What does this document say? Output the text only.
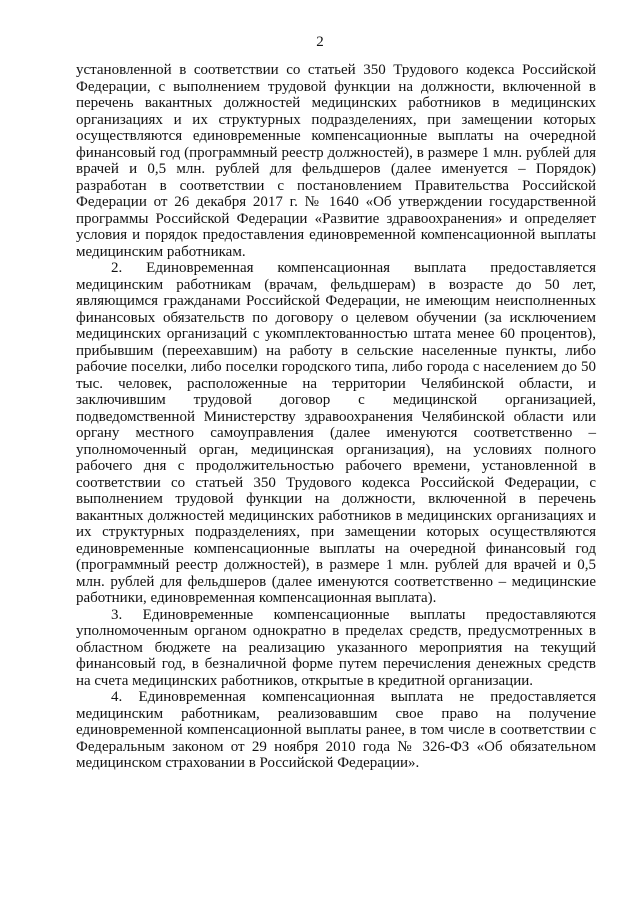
2

установленной в соответствии со статьей 350 Трудового кодекса Российской Федерации, с выполнением трудовой функции на должности, включенной в перечень вакантных должностей медицинских работников в медицинских организациях и их структурных подразделениях, при замещении которых осуществляются единовременные компенсационные выплаты на очередной финансовый год (программный реестр должностей), в размере 1 млн. рублей для врачей и 0,5 млн. рублей для фельдшеров (далее именуется – Порядок) разработан в соответствии с постановлением Правительства Российской Федерации от 26 декабря 2017 г. № 1640 «Об утверждении государственной программы Российской Федерации «Развитие здравоохранения» и определяет условия и порядок предоставления единовременной компенсационной выплаты медицинским работникам.

2. Единовременная компенсационная выплата предоставляется медицинским работникам (врачам, фельдшерам) в возрасте до 50 лет, являющимся гражданами Российской Федерации, не имеющим неисполненных финансовых обязательств по договору о целевом обучении (за исключением медицинских организаций с укомплектованностью штата менее 60 процентов), прибывшим (переехавшим) на работу в сельские населенные пункты, либо рабочие поселки, либо поселки городского типа, либо города с населением до 50 тыс. человек, расположенные на территории Челябинской области, и заключившим трудовой договор с медицинской организацией, подведомственной Министерству здравоохранения Челябинской области или органу местного самоуправления (далее именуются соответственно – уполномоченный орган, медицинская организация), на условиях полного рабочего дня с продолжительностью рабочего времени, установленной в соответствии со статьей 350 Трудового кодекса Российской Федерации, с выполнением трудовой функции на должности, включенной в перечень вакантных должностей медицинских работников в медицинских организациях и их структурных подразделениях, при замещении которых осуществляются единовременные компенсационные выплаты на очередной финансовый год (программный реестр должностей), в размере 1 млн. рублей для врачей и 0,5 млн. рублей для фельдшеров (далее именуются соответственно – медицинские работники, единовременная компенсационная выплата).

3. Единовременные компенсационные выплаты предоставляются уполномоченным органом однократно в пределах средств, предусмотренных в областном бюджете на реализацию указанного мероприятия на текущий финансовый год, в безналичной форме путем перечисления денежных средств на счета медицинских работников, открытые в кредитной организации.

4. Единовременная компенсационная выплата не предоставляется медицинским работникам, реализовавшим свое право на получение единовременной компенсационной выплаты ранее, в том числе в соответствии с Федеральным законом от 29 ноября 2010 года № 326-ФЗ «Об обязательном медицинском страховании в Российской Федерации».
